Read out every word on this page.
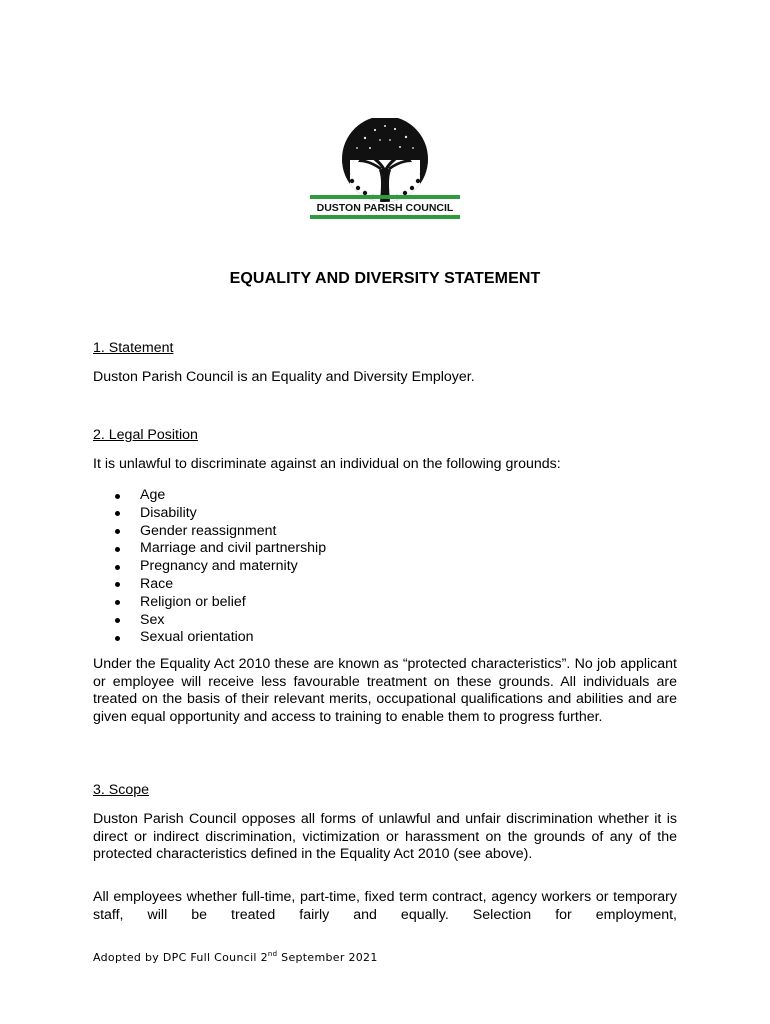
DUSTON PARISH COUNCIL
EQUALITY AND DIVERSITY STATEMENT
1. Statement
Duston Parish Council is an Equality and Diversity Employer.
2. Legal Position
It is unlawful to discriminate against an individual on the following grounds:
Age
Disability
Gender reassignment
Marriage and civil partnership
Pregnancy and maternity
Race
Religion or belief
Sex
Sexual orientation
Under the Equality Act 2010 these are known as “protected characteristics”. No job applicant or employee will receive less favourable treatment on these grounds. All individuals are treated on the basis of their relevant merits, occupational qualifications and abilities and are given equal opportunity and access to training to enable them to progress further.
3. Scope
Duston Parish Council opposes all forms of unlawful and unfair discrimination whether it is direct or indirect discrimination, victimization or harassment on the grounds of any of the protected characteristics defined in the Equality Act 2010 (see above).
All employees whether full-time, part-time, fixed term contract, agency workers or temporary staff, will be treated fairly and equally. Selection for employment,
Adopted by DPC Full Council 2nd September 2021
